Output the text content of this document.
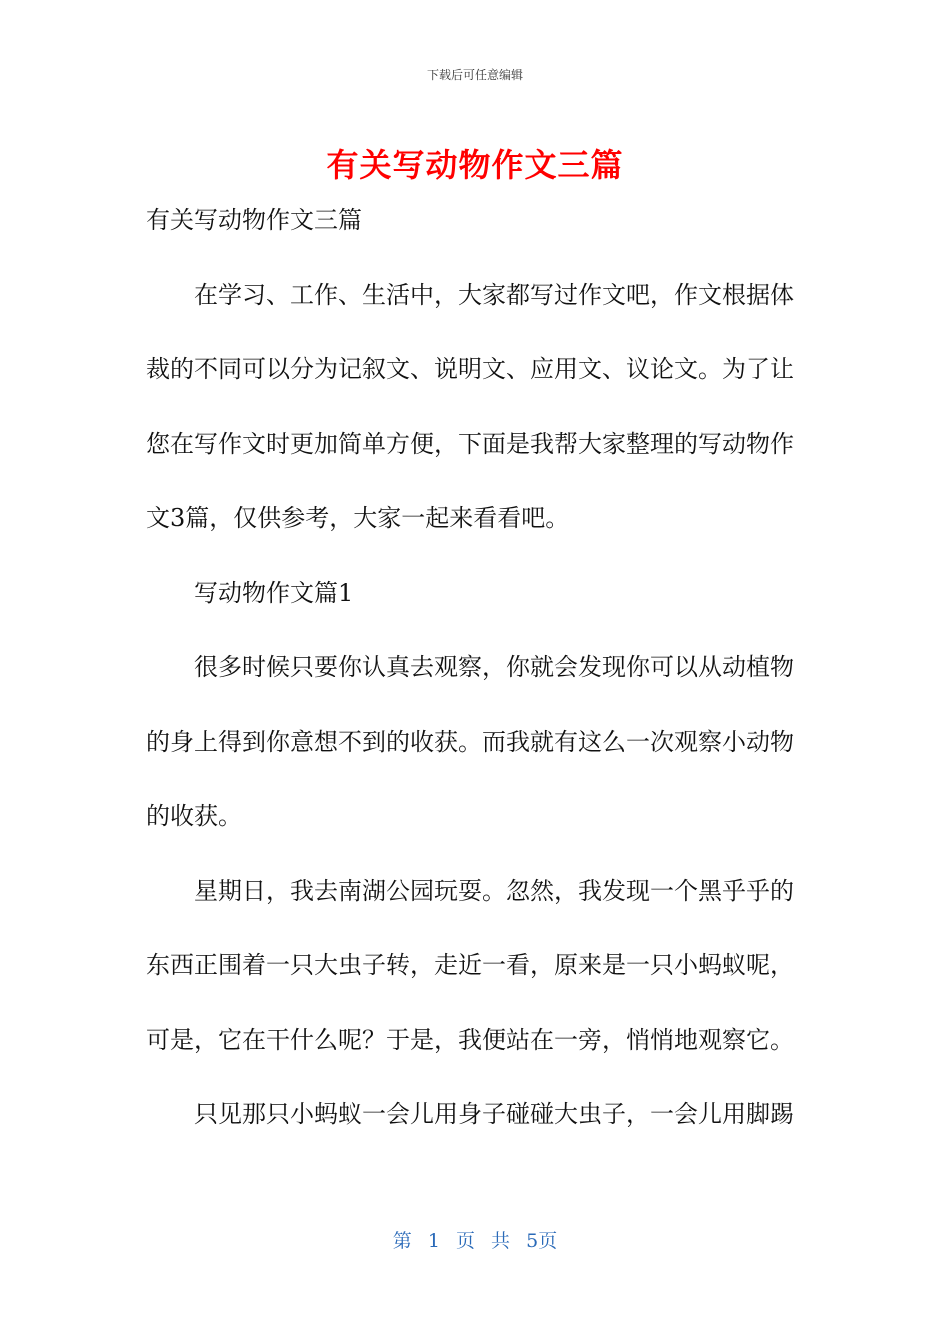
下载后可任意编辑
有关写动物作文三篇
有关写动物作文三篇
在 学 习 、 工 作 、 生 活 中 ， 大 家 都 写 过 作 文 吧 ， 作 文 根 据 体
裁 的 不 同 可 以 分 为 记 叙 文 、 说 明 文 、 应 用 文 、 议 论 文 。 为 了 让
您 在 写 作 文 时 更 加 简 单 方 便 ， 下 面 是 我 帮 大 家 整 理 的 写 动 物 作
文3篇，仅供参考，大家一起来看看吧。
写动物作文篇1
很 多 时 候 只 要 你 认 真 去 观 察 ， 你 就 会 发 现 你 可 以 从 动 植 物
的 身 上 得 到 你 意 想 不 到 的 收 获 。 而 我 就 有 这 么 一 次 观 察 小 动 物
的收获。
星 期 日 ， 我 去 南 湖 公 园 玩 耍 。 忽 然 ， 我 发 现 一 个 黑 乎 乎 的
东 西 正 围 着 一 只 大 虫 子 转 ， 走 近 一 看 ， 原 来 是 一 只 小 蚂 蚁 呢 ，
可 是 ， 它 在 干 什 么 呢 ？ 于 是 ， 我 便 站 在 一 旁 ， 悄 悄 地 观 察 它 。
只 见 那 只 小 蚂 蚁 一 会 儿 用 身 子 碰 碰 大 虫 子 ， 一 会 儿 用 脚 踢
第 1 页 共 5页
